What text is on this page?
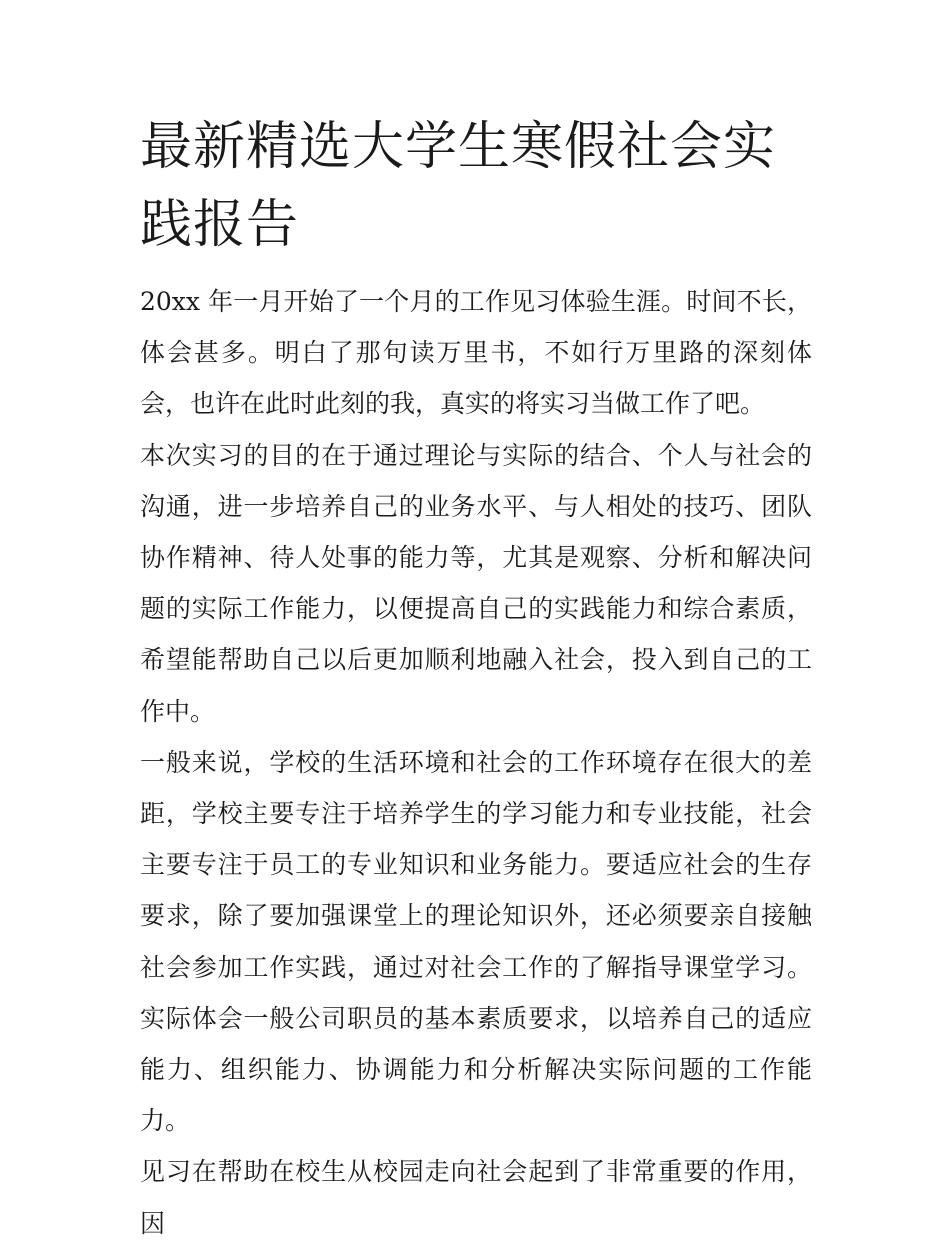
最新精选大学生寒假社会实践报告

20xx 年一月开始了一个月的工作见习体验生涯。时间不长，体会甚多。明白了那句读万里书，不如行万里路的深刻体会，也许在此时此刻的我，真实的将实习当做工作了吧。

本次实习的目的在于通过理论与实际的结合、个人与社会的沟通，进一步培养自己的业务水平、与人相处的技巧、团队协作精神、待人处事的能力等，尤其是观察、分析和解决问题的实际工作能力，以便提高自己的实践能力和综合素质，希望能帮助自己以后更加顺利地融入社会，投入到自己的工作中。

一般来说，学校的生活环境和社会的工作环境存在很大的差距，学校主要专注于培养学生的学习能力和专业技能，社会主要专注于员工的专业知识和业务能力。要适应社会的生存要求，除了要加强课堂上的理论知识外，还必须要亲自接触社会参加工作实践，通过对社会工作的了解指导课堂学习。实际体会一般公司职员的基本素质要求，以培养自己的适应能力、组织能力、协调能力和分析解决实际问题的工作能力。

见习在帮助在校生从校园走向社会起到了非常重要的作用，因
